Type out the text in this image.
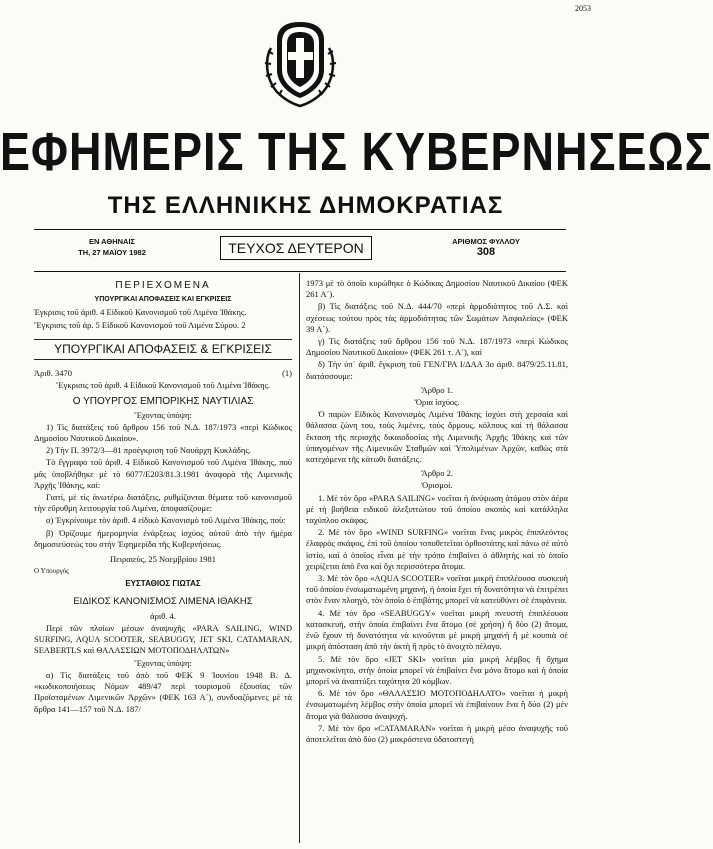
2053
ΕΦΗΜΕΡΙΣ ΤΗΣ ΚΥΒΕΡΝΗΣΕΩΣ
ΤΗΣ ΕΛΛΗΝΙΚΗΣ ΔΗΜΟΚΡΑΤΙΑΣ
ΕΝ ΑΘΗΝΑΙΣ
ΤΗ, 27 ΜΑΪΟΥ 1982	ΤΕΥΧΟΣ ΔΕΥΤΕΡΟΝ	ΑΡΙΘΜΟΣ ΦΥΛΛΟΥ
308
ΠΕΡΙΕΧΟΜΕΝΑ
ΥΠΟΥΡΓΙΚΑΙ ΑΠΟΦΑΣΕΙΣ ΚΑΙ ΕΓΚΡΙΣΕΙΣ

Έγκρισις τοῦ ἀριθ. 4 Εἰδικοῦ Κανονισμοῦ τοῦ Λιμένα Ἰθάκης.

Ἔγκρισις τοῦ ἀρ. 5 Εἰδικοῦ Κανονισμοῦ τοῦ Λιμένα Σύρου. 2

ΥΠΟΥΡΓΙΚΑΙ ΑΠΟΦΑΣΕΙΣ & ΕΓΚΡΙΣΕΙΣ

Ἀριθ. 3470	(1)

Ἔγκρισις τοῦ ἀριθ. 4 Εἰδικοῦ Κανονισμοῦ τοῦ Λιμένα Ἰθάκης.

Ο ΥΠΟΥΡΓΟΣ ΕΜΠΟΡΙΚΗΣ ΝΑΥΤΙΛΙΑΣ

Ἔχοντας ὑπόψη:

1) Τὶς διατάξεις τοῦ ἄρθρου 156 τοῦ Ν.Δ. 187/1973 «περὶ Κώδικος Δημοσίου Ναυτικοῦ Δικαίου».

2) Τὴν Π. 3972/3—81 προέγκριση τοῦ Ναυάρχη Κυκλάδης.

Τὸ ἔγγραφο τοῦ ἀριθ. 4 Εἰδικοῦ Κανονισμοῦ τοῦ Λιμένα Ἰθάκης, ποὺ μᾶς ὑποβλήθηκε μὲ τὸ 6077/Ε203/81.3.1981 ἀναφορὰ τῆς Λιμενικῆς Ἀρχῆς Ἰθάκης, καί:

Γιατί, μὲ τὶς ἀνωτέρω διατάξεις, ρυθμίζονται θέματα τοῦ κανονισμοῦ τὴν εὔρυθμη λειτουργία τοῦ Λιμένα, ἀποφασίζουμε:

α) Ἐγκρίνουμε τὸν ἀριθ. 4 εἰδικὸ Κανονισμὸ τοῦ Λιμένα Ἰθάκης, ποὺ:

β) Ὁρίζουμε ἡμερομηνία ἐνάρξεως ἰσχύος αὐτοῦ ἀπὸ τὴν ἡμέρα δημοσιεύσεώς του στὴν Ἐφημερίδα τῆς Κυβερνήσεως.

Πειραιεύς, 25 Νοεμβρίου 1981

Ο Υπουργός

ΕΥΣΤΑΘΙΟΣ ΓΙΩΤΑΣ

ΕΙΔΙΚΟΣ ΚΑΝΟΝΙΣΜΟΣ ΛΙΜΕΝΑ ΙΘΑΚΗΣ

ἀριθ. 4.

Περὶ τῶν πλοίων μέσων ἀναψυχῆς «PARA SAILING, WIND SURFING, AQUA SCOOTER, SEABUGGY, JET SKI, CATAMARAN, SEABERTLS καὶ ΘΑΛΑΣΣΙΩΝ ΜΟΤΟΠΟΔΗΛΑΤΩΝ»

Ἔχοντας ὑπόψη:

α) Τὶς διατάξεις τοῦ ἀπὸ τοῦ ΦΕΚ 9 Ἰουνίου 1948 Β. Δ. «κωδικοποιήσεως Νόμων 489/47 περὶ τουρισμοῦ ἐξουσίας τῶν Προϊσταμένων Λιμενικῶν Ἀρχῶν» (ΦΕΚ 163 Α´), συνδυαζόμενες μὲ τὰ ἄρθρα 141—157 τοῦ Ν.Δ. 187/

1973 μὲ τὸ ὁποῖο κυρώθηκε ὁ Κώδικας Δημοσίου Ναυτικοῦ Δικαίου (ΦΕΚ 261 Α´).

β) Τὶς διατάξεις τοῦ Ν.Δ. 444/70 «περὶ ἁρμοδιότητος τοῦ Λ.Σ. καὶ σχέσεως τούτου πρὸς τὰς ἁρμοδιότητας τῶν Σωμάτων Ἀσφαλείας» (ΦΕΚ 39 Α´).

γ) Τὶς διατάξεις τοῦ ἄρθρου 156 τοῦ Ν.Δ. 187/1973 «περὶ Κώδικος Δημοσίου Ναυτικοῦ Δικαίου» (ΦΕΚ 261 τ. Α´), καί

δ) Τὴν ὑπ᾽ ἀριθ. ἔγκριση τοῦ ΓΕΝ/ΓΡΑ Ι/ΔΑΑ 3ο ἀριθ. 8479/25.11.81, διατάσσουμε:

Ἄρθρο 1.

Ὅρια ἰσχύος.

Ὁ παρὼν Εἰδικὸς Κανονισμὸς Λιμένα Ἰθάκης ἰσχύει στὴ χερσαία καὶ θάλασσα ζώνη του, τοὺς λιμένες, τοὺς ὅρμους, κόλπους καὶ τὴ θάλασσα ἔκταση τῆς περιοχῆς δικαιοδοσίας τῆς Λιμενικῆς Ἀρχῆς Ἰθάκης καὶ τῶν ὑπαγομένων τῆς Λιμενικῶν Σταθμῶν καὶ Ὑπολιμένων Ἀρχῶν, καθὼς στὰ κατεχόμενα τῆς κάτωθι διατάξεις.

Ἄρθρο 2.

Ὁρισμοί.

1. Μὲ τὸν ὅρο «PARA SAILING» νοεῖται ἡ ἀνύψωση ἀτόμου στὸν ἀέρα μὲ τὴ βοήθεια ειδικοῦ ἀλεξιπτώτου τοῦ ὁποίου σκοπὸς καὶ κατάλληλα ταχύπλοο σκάφος.

2. Μὲ τὸν ὅρο «WIND SURFING» νοεῖται ἕνας μικρὸς ἐπιπλεόντος ἐλαφρὸς σκάφος, ἐπὶ τοῦ ὁποίου τοποθετεῖται ὀρθοστάτης καὶ πάνω σὲ αὐτὸ ἱστίο, καὶ ὁ ὁποῖος εἶναι μὲ τὴν τρόπο ἐπιβαίνει ὁ ἀθλητὴς καὶ τὸ ὁποῖο χειρίζεται ἀπὸ ἕνα καὶ ὄχι περισσότερα ἄτομα.

3. Μὲ τὸν ὅρο «AQUA SCOOTER» νοεῖται μικρὴ ἐπιπλέουσα συσκευὴ τοῦ ὁποίου ἐνσωματωμένη μηχανή, ἡ ὁποία ἔχει τὴ δυνατότητα νὰ ἐπιτρέπει στὸν ἔναν πλοηγὸ, τὸν ὁποῖο ὁ ἐπιβάτης μπορεῖ νὰ κατευθύνει σὲ ἐπιφάνεια.

4. Μὲ τὸν ὅρο «SEABUGGY» νοεῖται μικρὴ πνευστὴ ἐπιπλέουσα κατασκευή, στὴν ὁποία ἐπιβαίνει ἕνα ἄτομο (σὲ χρήση) ἢ δύο (2) ἄτομα, ἐνῶ ἔχουν τὴ δυνατότητα νὰ κινοῦνται μὲ μικρὴ μηχανὴ ἢ μὲ κουπιὰ σὲ μικρή ἀπόσταση ἀπὸ τὴν ἀκτὴ ἢ πρὸς τὸ ἀνοιχτὸ πέλαγο.

5. Μὲ τὸν ὅρο «JET SKI» νοεῖται μία μικρὴ λέμβος ἢ ὄχημα μηχανοκίνητο, στὴν ὁποία μπορεῖ νὰ ἐπιβαίνει ἕνα μόνο ἄτομο καὶ ἡ ὁποία μπορεῖ νὰ ἀναπτύξει ταχύτητα 20 κόμβων.

6. Μὲ τὸν ὅρο «ΘΑΛΑΣΣΙΟ ΜΟΤΟΠΟΔΗΛΑΤΟ» νοεῖται ἡ μικρὴ ἐνσωματωμένη λέμβος στὴν ὁποία μπορεῖ νὰ ἐπιβαίνουν ἕνα ἢ δύο (2) μὲν ἄτομα γιὰ θάλασσα ἀναψυχή.

7. Μὲ τὸν ὅρο «CATAMARAN» νοεῖται ἡ μικρὴ μέσο ἀναψυχῆς τοῦ ἀποτελεῖται ἀπὸ δύο (2) μακρόστενα ὑδατοστεγή
